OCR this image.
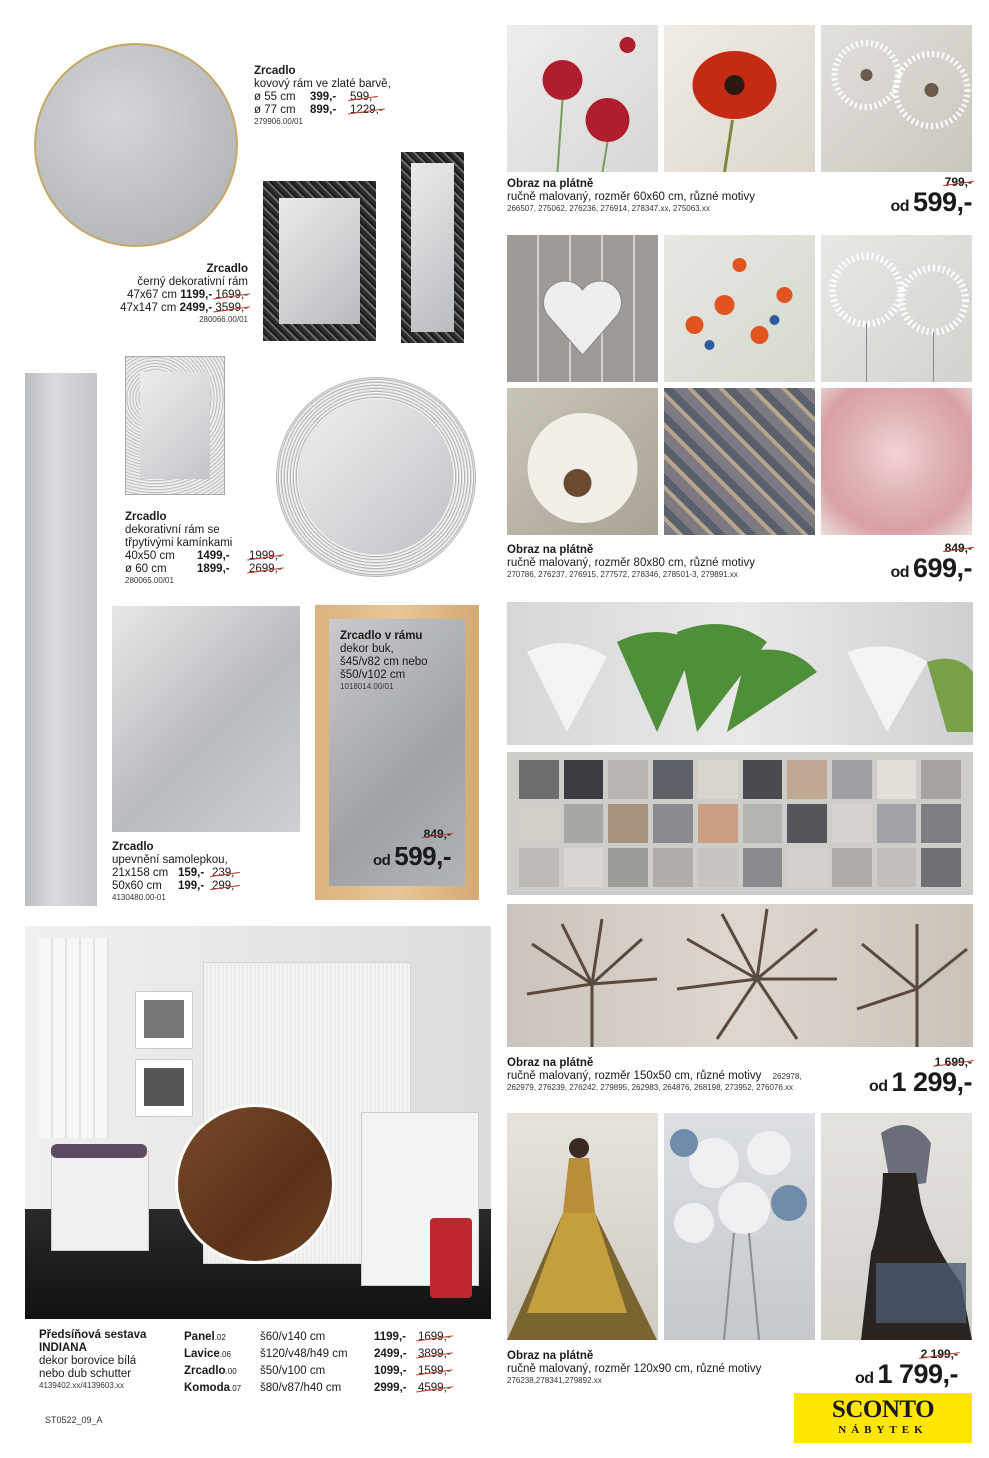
Zrcadlo
kovový rám ve zlaté barvě,
ø 55 cm 399,- 599,-
ø 77 cm 899,- 1229,-
279906.00/01
Zrcadlo
černý dekorativní rám
47x67 cm 1199,- 1699,-
47x147 cm 2499,- 3599,-
280066.00/01
Zrcadlo
dekorativní rám se
třpytivými kamínkami
40x50 cm 1499,- 1999,-
ø 60 cm	1899,- 2699,-
280065.00/01
Zrcadlo
upevnění samolepkou,
21x158 cm 159,- 239,-
50x60 cm 199,- 299,-
4130480.00-01
Zrcadlo v rámu
dekor buk,
š45/v82 cm nebo
š50/v102 cm
1018014.00/01
849,-
od 599,-
Předsíňová sestava
INDIANA
dekor borovice bílá
nebo dub schutter
4139402.xx/4139603.xx
Panel.02	š60/v140 cm	1199,-	1699,-
Lavice.06	š120/v48/h49 cm	2499,- 3899,-
Zrcadlo.00	š50/v100 cm	1099,- 1599,-
Komoda.07	š80/v87/h40 cm	2999,- 4599,-
ST0522_09_A
Obraz na plátně
ručně malovaný, rozměr 60x60 cm, různé motivy
266507, 275062, 276236, 276914, 278347.xx, 275063.xx
799,-
od 599,-
Obraz na plátně
ručně malovaný, rozměr 80x80 cm, různé motivy
270786, 276237, 276915, 277572, 278346, 278501-3, 279891.xx
849,-
od 699,-
Obraz na plátně
ručně malovaný, rozměr 150x50 cm, různé motivy 262978,
262979, 276239, 276242, 279895, 262983, 264876, 268198, 273952, 276076.xx
1 699,-
od 1 299,-
Obraz na plátně
ručně malovaný, rozměr 120x90 cm, různé motivy
276238,278341,279892.xx
2 199,-
od 1 799,-
SCONTO
NÁBYTEK
